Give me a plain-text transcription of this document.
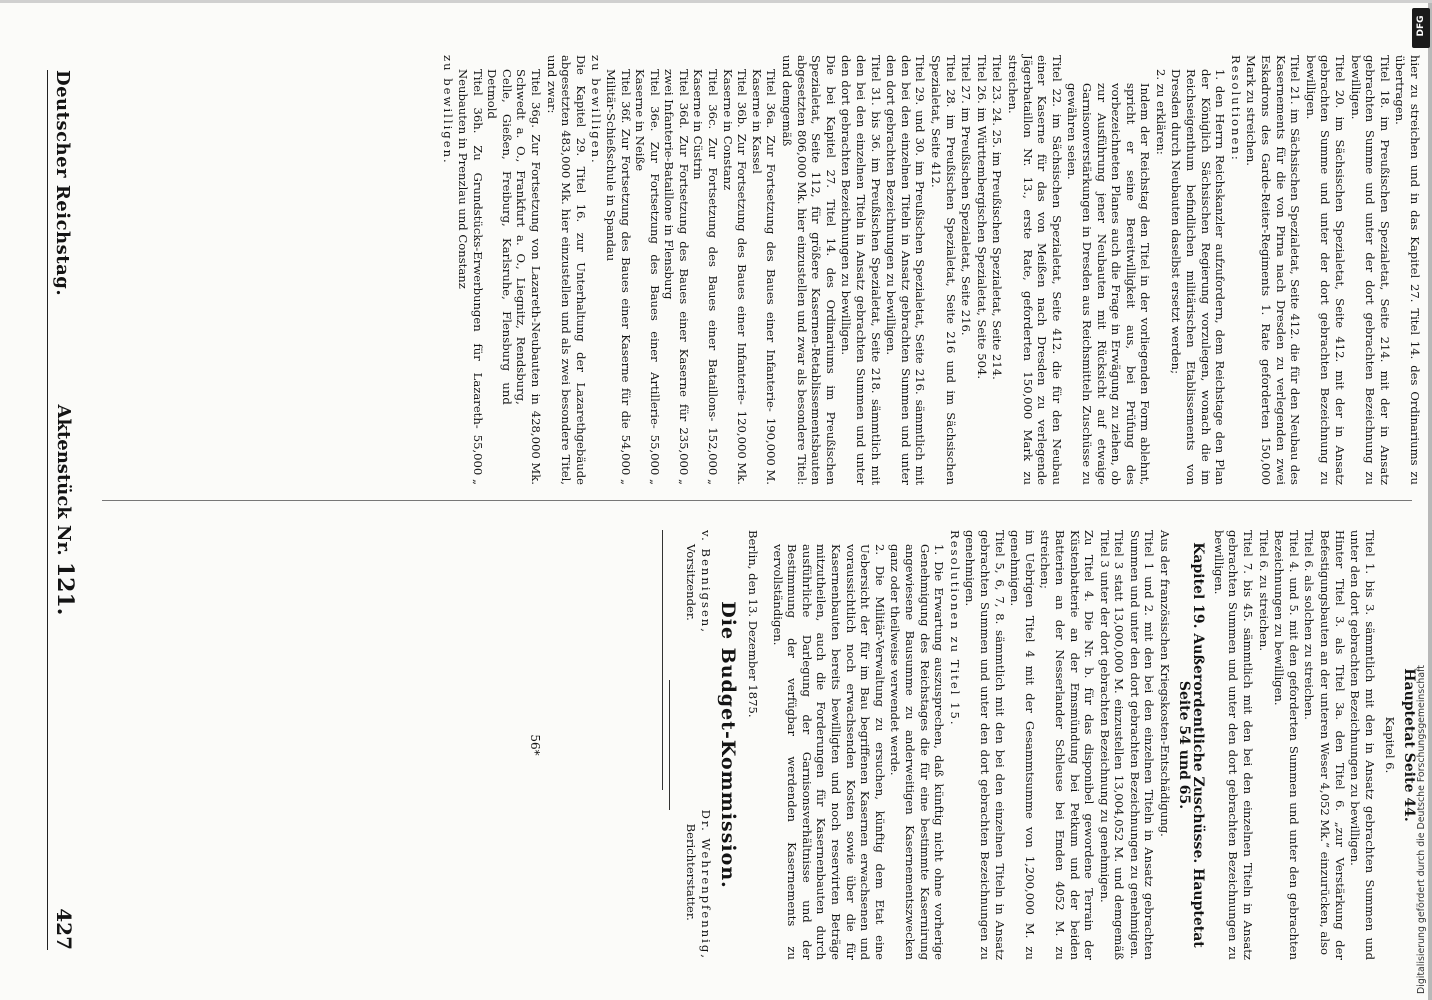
Deutscher Reichstag.
Aktenstück Nr. 121.
427

hier zu streichen und in das Kapitel 27. Titel 14. des Ordinariums zu übertragen.

Titel 18. im Preußischen Spezialetat, Seite 214. mit der in Ansatz gebrachten Summe und unter der dort gebrachten Bezeichnung zu bewilligen.

Titel 20. im Sächsischen Spezialetat, Seite 412. mit der in Ansatz gebrachten Summe und unter der dort gebrachten Bezeichnung zu bewilligen.

Titel 21. im Sächsischen Spezialetat, Seite 412. die für den Neubau des Kasernements für die von Pirna nach Dresden zu verlegenden zwei Eskadrons des Garde-Reiter-Regiments 1. Rate geforderten 150,000 Mark zu streichen.

Resolutionen:

1. den Herrn Reichskanzler aufzufordern, dem Reichstage den Plan der Königlich Sächsischen Regierung vorzulegen, wonach die im Reichseigenthum befindlichen militärischen Etablissements von Dresden durch Neubauten daselbst ersetzt werden;

2. zu erklären:

Indem der Reichstag den Titel in der vorliegenden Form ablehnt, spricht er seine Bereitwilligkeit aus, bei Prüfung des vorbezeichneten Planes auch die Frage in Erwägung zu ziehen, ob zur Ausführung jener Neubauten mit Rücksicht auf etwaige Garnisonverstärkungen in Dresden aus Reichsmitteln Zuschüsse zu gewähren seien.

Titel 22. im Sächsischen Spezialetat, Seite 412. die für den Neubau einer Kaserne für das von Meißen nach Dresden zu verlegende Jägerbataillon Nr. 13., erste Rate, geforderten 150,000 Mark zu streichen.

Titel 23. 24. 25. im Preußischen Spezialetat, Seite 214.

Titel 26. im Württembergischen Spezialetat, Seite 504.

Titel 27. im Preußischen Spezialetat, Seite 216.

Titel 28. im Preußischen Spezialetat, Seite 216 und im Sächsischen Spezialetat, Seite 412.

Titel 29. und 30. im Preußischen Spezialetat, Seite 216. sämmtlich mit den bei den einzelnen Titeln in Ansatz gebrachten Summen und unter den dort gebrachten Bezeichnungen zu bewilligen.

Titel 31. bis 36. im Preußischen Spezialetat, Seite 218. sämmtlich mit den bei den einzelnen Titeln in Ansatz gebrachten Summen und unter den dort gebrachten Bezeichnungen zu bewilligen.

Die bei Kapitel 27. Titel 14. des Ordinariums im Preußischen Spezialetat, Seite 112, für größere Kasernen-Retablissementsbauten abgesetzten 806,000 Mk. hier einzustellen und zwar als besondere Titel: und demgemäß

Titel 36a. Zur Fortsetzung des Baues einer Infanterie-Kaserne in Kassel
190,000 M.
Titel 36b. Zur Fortsetzung des Baues einer Infanterie-Kaserne in Constanz
120,000 Mk.
Titel 36c. Zur Fortsetzung des Baues einer Bataillons-Kaserne in Cüstrin
152,000 „
Titel 36d. Zur Fortsetzung des Baues einer Kaserne für zwei Infanterie-Bataillone in Flensburg
235,000 „
Titel 36e. Zur Fortsetzung des Baues einer Artillerie-Kaserne in Neiße
55,000 „
Titel 36f. Zur Fortsetzung des Baues einer Kaserne für die Militär-Schießschule in Spandau
54,000 „

zu bewilligen.

Die Kapitel 29. Titel 16. zur Unterhaltung der Lazarethgebäude abgesetzten 483,000 Mk. hier einzustellen und als zwei besondere Titel, und zwar:

Titel 36g. Zur Fortsetzung von Lazareth-Neubauten in Schwedt a. O., Frankfurt a. O., Liegnitz, Rendsburg, Celle, Gießen, Freiburg, Karlsruhe, Flensburg und Detmold
428,000 Mk.
Titel 36h. Zu Grundstücks-Erwerbungen für Lazareth-Neubauten in Prenzlau und Constanz
55,000 „

zu bewilligen.

Hauptetat Seite 44.
Kapitel 6.

Titel 1. bis 3. sämmtlich mit den in Ansatz gebrachten Summen und unter den dort gebrachten Bezeichnungen zu bewilligen.

Hinter Titel 3. als Titel 3a. den Titel 6. „zur Verstärkung der Befestigungsbauten an der unteren Weser 4,052 Mk.“ einzurücken, also

Titel 6. als solchen zu streichen.

Titel 4. und 5. mit den geforderten Summen und unter den gebrachten Bezeichnungen zu bewilligen.

Titel 6. zu streichen.

Titel 7. bis 45. sämmtlich mit den bei den einzelnen Titeln in Ansatz gebrachten Summen und unter den dort gebrachten Bezeichnungen zu bewilligen.

Kapitel 19. Außerordentliche Zuschüsse. Hauptetat Seite 54 und 65.

Aus der französischen Kriegskosten-Entschädigung.

Titel 1 und 2. mit den bei den einzelnen Titeln in Ansatz gebrachten Summen und unter den dort gebrachten Bezeichnungen zu genehmigen.

Titel 3 statt 13,000,000 M. einzustellen 13,004,052 M. und demgemäß Titel 3 unter der dort gebrachten Bezeichnung zu genehmigen.

Zu Titel 4. Die Nr. b. für das disponibel gewordene Terrain der Küstenbatterie an der Emsmündung bei Petkum und der beiden Batterien an der Nesserlander Schleuse bei Emden 4052 M. zu streichen;

im Uebrigen Titel 4 mit der Gesammtsumme von 1,200,000 M. zu genehmigen.

Titel 5, 6, 7, 8. sämmtlich mit den bei den einzelnen Titeln in Ansatz gebrachten Summen und unter den dort gebrachten Bezeichnungen zu genehmigen.

Resolutionen zu Titel 15.

1. Die Erwartung auszusprechen, daß künftig nicht ohne vorherige Genehmigung des Reichstages die für eine bestimmte Kasernirung angewiesene Bausumme zu anderweitigen Kasernementszwecken ganz oder theilweise verwendet werde.

2. Die Militär-Verwaltung zu ersuchen, künftig dem Etat eine Uebersicht der für im Bau begriffenen Kasernen erwachsenen und voraussichtlich noch erwachsenden Kosten sowie über die für Kasernenbauten bereits bewilligten und noch reservirten Beträge mitzutheilen, auch die Forderungen für Kasernenbauten durch ausführliche Darlegung der Garnisonsverhältnisse und der Bestimmung der verfügbar werdenden Kasernements zu vervollständigen.

Berlin, den 13. Dezember 1875.

Die Budget-Kommission.
v. Bennigsen,
Vorsitzender.
Dr. Wehrenpfennig,
Berichterstatter.
56*
DFG
Digitalisierung gefördert durch die Deutsche Forschungsgemeinschaft
